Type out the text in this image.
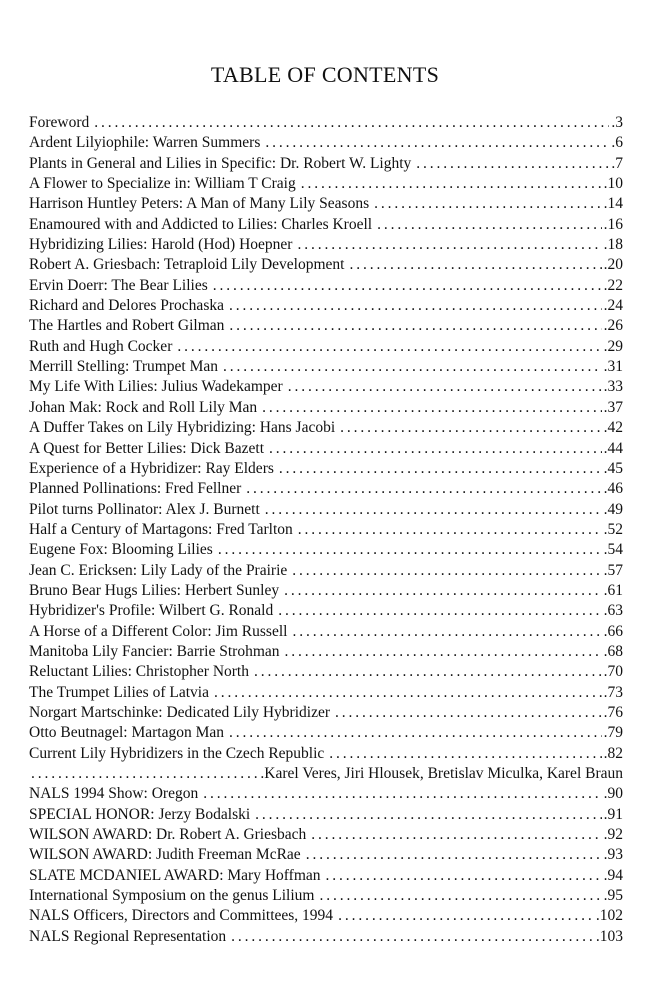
TABLE OF CONTENTS
Foreword . . .	.3
Ardent Lilyiophile: Warren Summers . . .	.6
Plants in General and Lilies in Specific: Dr. Robert W. Lighty . . .	.7
A Flower to Specialize in: William T Craig . . .	.10
Harrison Huntley Peters: A Man of Many Lily Seasons . . .	.14
Enamoured with and Addicted to Lilies: Charles Kroell . . .	.16
Hybridizing Lilies: Harold (Hod) Hoepner . . .	.18
Robert A. Griesbach: Tetraploid Lily Development . . .	.20
Ervin Doerr: The Bear Lilies . . .	.22
Richard and Delores Prochaska . . .	.24
The Hartles and Robert Gilman . . .	.26
Ruth and Hugh Cocker . . .	.29
Merrill Stelling: Trumpet Man . . .	.31
My Life With Lilies: Julius Wadekamper . . .	.33
Johan Mak: Rock and Roll Lily Man . . .	.37
A Duffer Takes on Lily Hybridizing: Hans Jacobi . . .	.42
A Quest for Better Lilies: Dick Bazett . . .	.44
Experience of a Hybridizer: Ray Elders . . .	.45
Planned Pollinations: Fred Fellner . . .	.46
Pilot turns Pollinator: Alex J. Burnett . . .	.49
Half a Century of Martagons: Fred Tarlton . . .	.52
Eugene Fox: Blooming Lilies . . .	.54
Jean C. Ericksen: Lily Lady of the Prairie . . .	.57
Bruno Bear Hugs Lilies: Herbert Sunley . . .	.61
Hybridizer's Profile: Wilbert G. Ronald . . .	.63
A Horse of a Different Color: Jim Russell . . .	.66
Manitoba Lily Fancier: Barrie Strohman . . .	.68
Reluctant Lilies: Christopher North . . .	.70
The Trumpet Lilies of Latvia . . .	.73
Norgart Martschinke: Dedicated Lily Hybridizer . . .	.76
Otto Beutnagel: Martagon Man . . .	.79
Current Lily Hybridizers in the Czech Republic . . .	.82
. . .
.Karel Veres, Jiri Hlousek, Bretislav Miculka, Karel Braun
NALS 1994 Show: Oregon . . .	.90
SPECIAL HONOR: Jerzy Bodalski . . .	.91
WILSON AWARD: Dr. Robert A. Griesbach . . .	.92
WILSON AWARD: Judith Freeman McRae . . .	.93
SLATE MCDANIEL AWARD: Mary Hoffman . . .	.94
International Symposium on the genus Lilium . . .	.95
NALS Officers, Directors and Committees, 1994 . . .	.102
NALS Regional Representation . . .	.103
